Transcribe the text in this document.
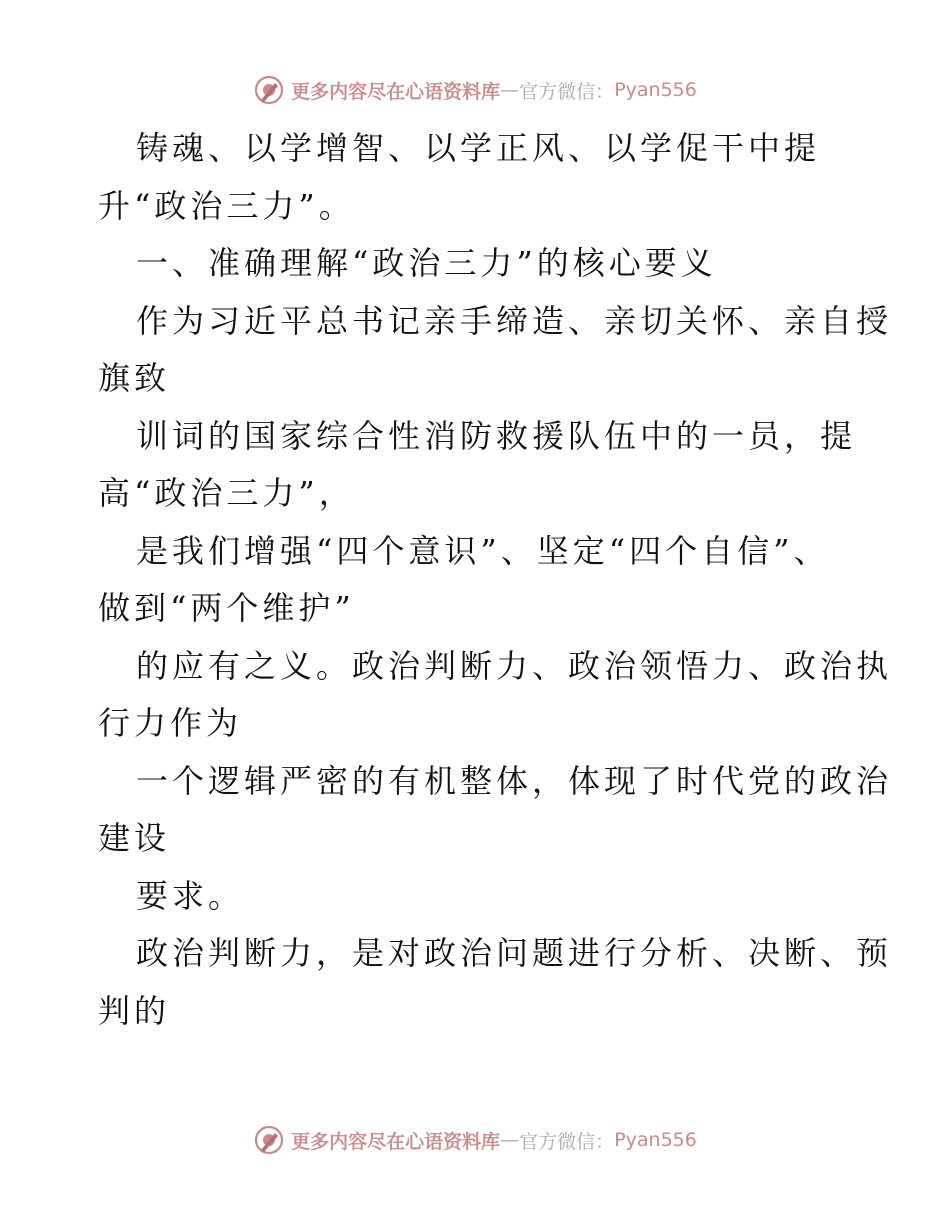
更多内容尽在心语资料库 — 官方微信： Pyan556

铸魂、以学增智、以学正风、以学促干中提

升“政治三力”。

一、准确理解“政治三力”的核心要义

作为习近平总书记亲手缔造、亲切关怀、亲自授

旗致

训词的国家综合性消防救援队伍中的一员，提

高“政治三力”，

是我们增强“四个意识”、坚定“四个自信”、

做到“两个维护”

的应有之义。政治判断力、政治领悟力、政治执

行力作为

一个逻辑严密的有机整体，体现了时代党的政治

建设

要求。

政治判断力，是对政治问题进行分析、决断、预

判的

更多内容尽在心语资料库 — 官方微信： Pyan556
